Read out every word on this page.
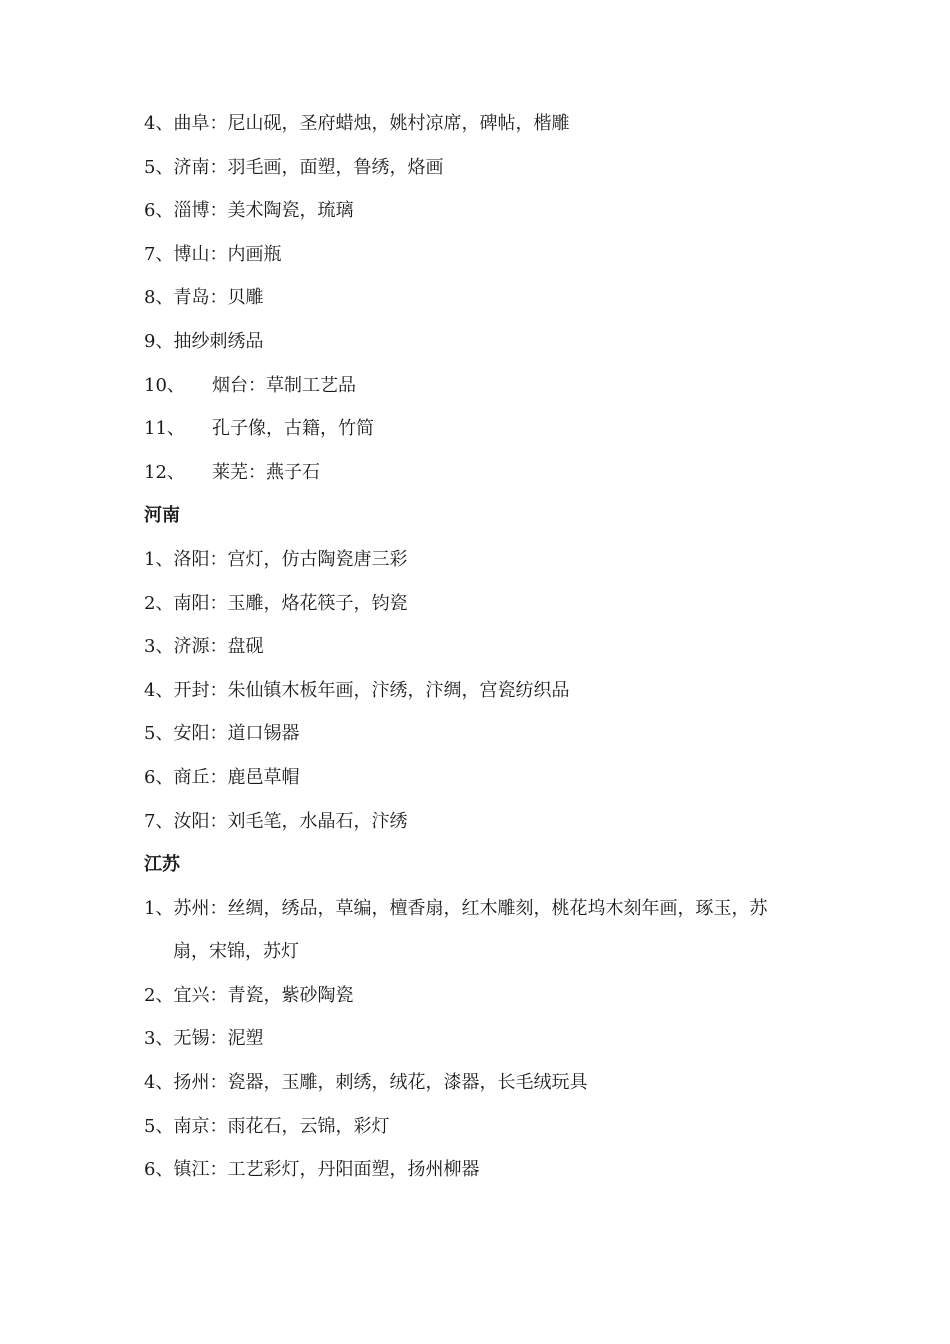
4、曲阜：尼山砚，圣府蜡烛，姚村凉席，碑帖，楷雕
5、济南：羽毛画，面塑，鲁绣，烙画
6、淄博：美术陶瓷，琉璃
7、博山：内画瓶
8、青岛：贝雕
9、抽纱刺绣品
10、 烟台：草制工艺品
11、 孔子像，古籍，竹简
12、 莱芜：燕子石
河南
1、洛阳：宫灯，仿古陶瓷唐三彩
2、南阳：玉雕，烙花筷子，钧瓷
3、济源：盘砚
4、开封：朱仙镇木板年画，汴绣，汴绸，宫瓷纺织品
5、安阳：道口锡器
6、商丘：鹿邑草帽
7、汝阳：刘毛笔，水晶石，汴绣
江苏
1、苏州：丝绸，绣品，草编，檀香扇，红木雕刻，桃花坞木刻年画，琢玉，苏
扇，宋锦，苏灯
2、宜兴：青瓷，紫砂陶瓷
3、无锡：泥塑
4、扬州：瓷器，玉雕，刺绣，绒花，漆器，长毛绒玩具
5、南京：雨花石，云锦，彩灯
6、镇江：工艺彩灯，丹阳面塑，扬州柳器
